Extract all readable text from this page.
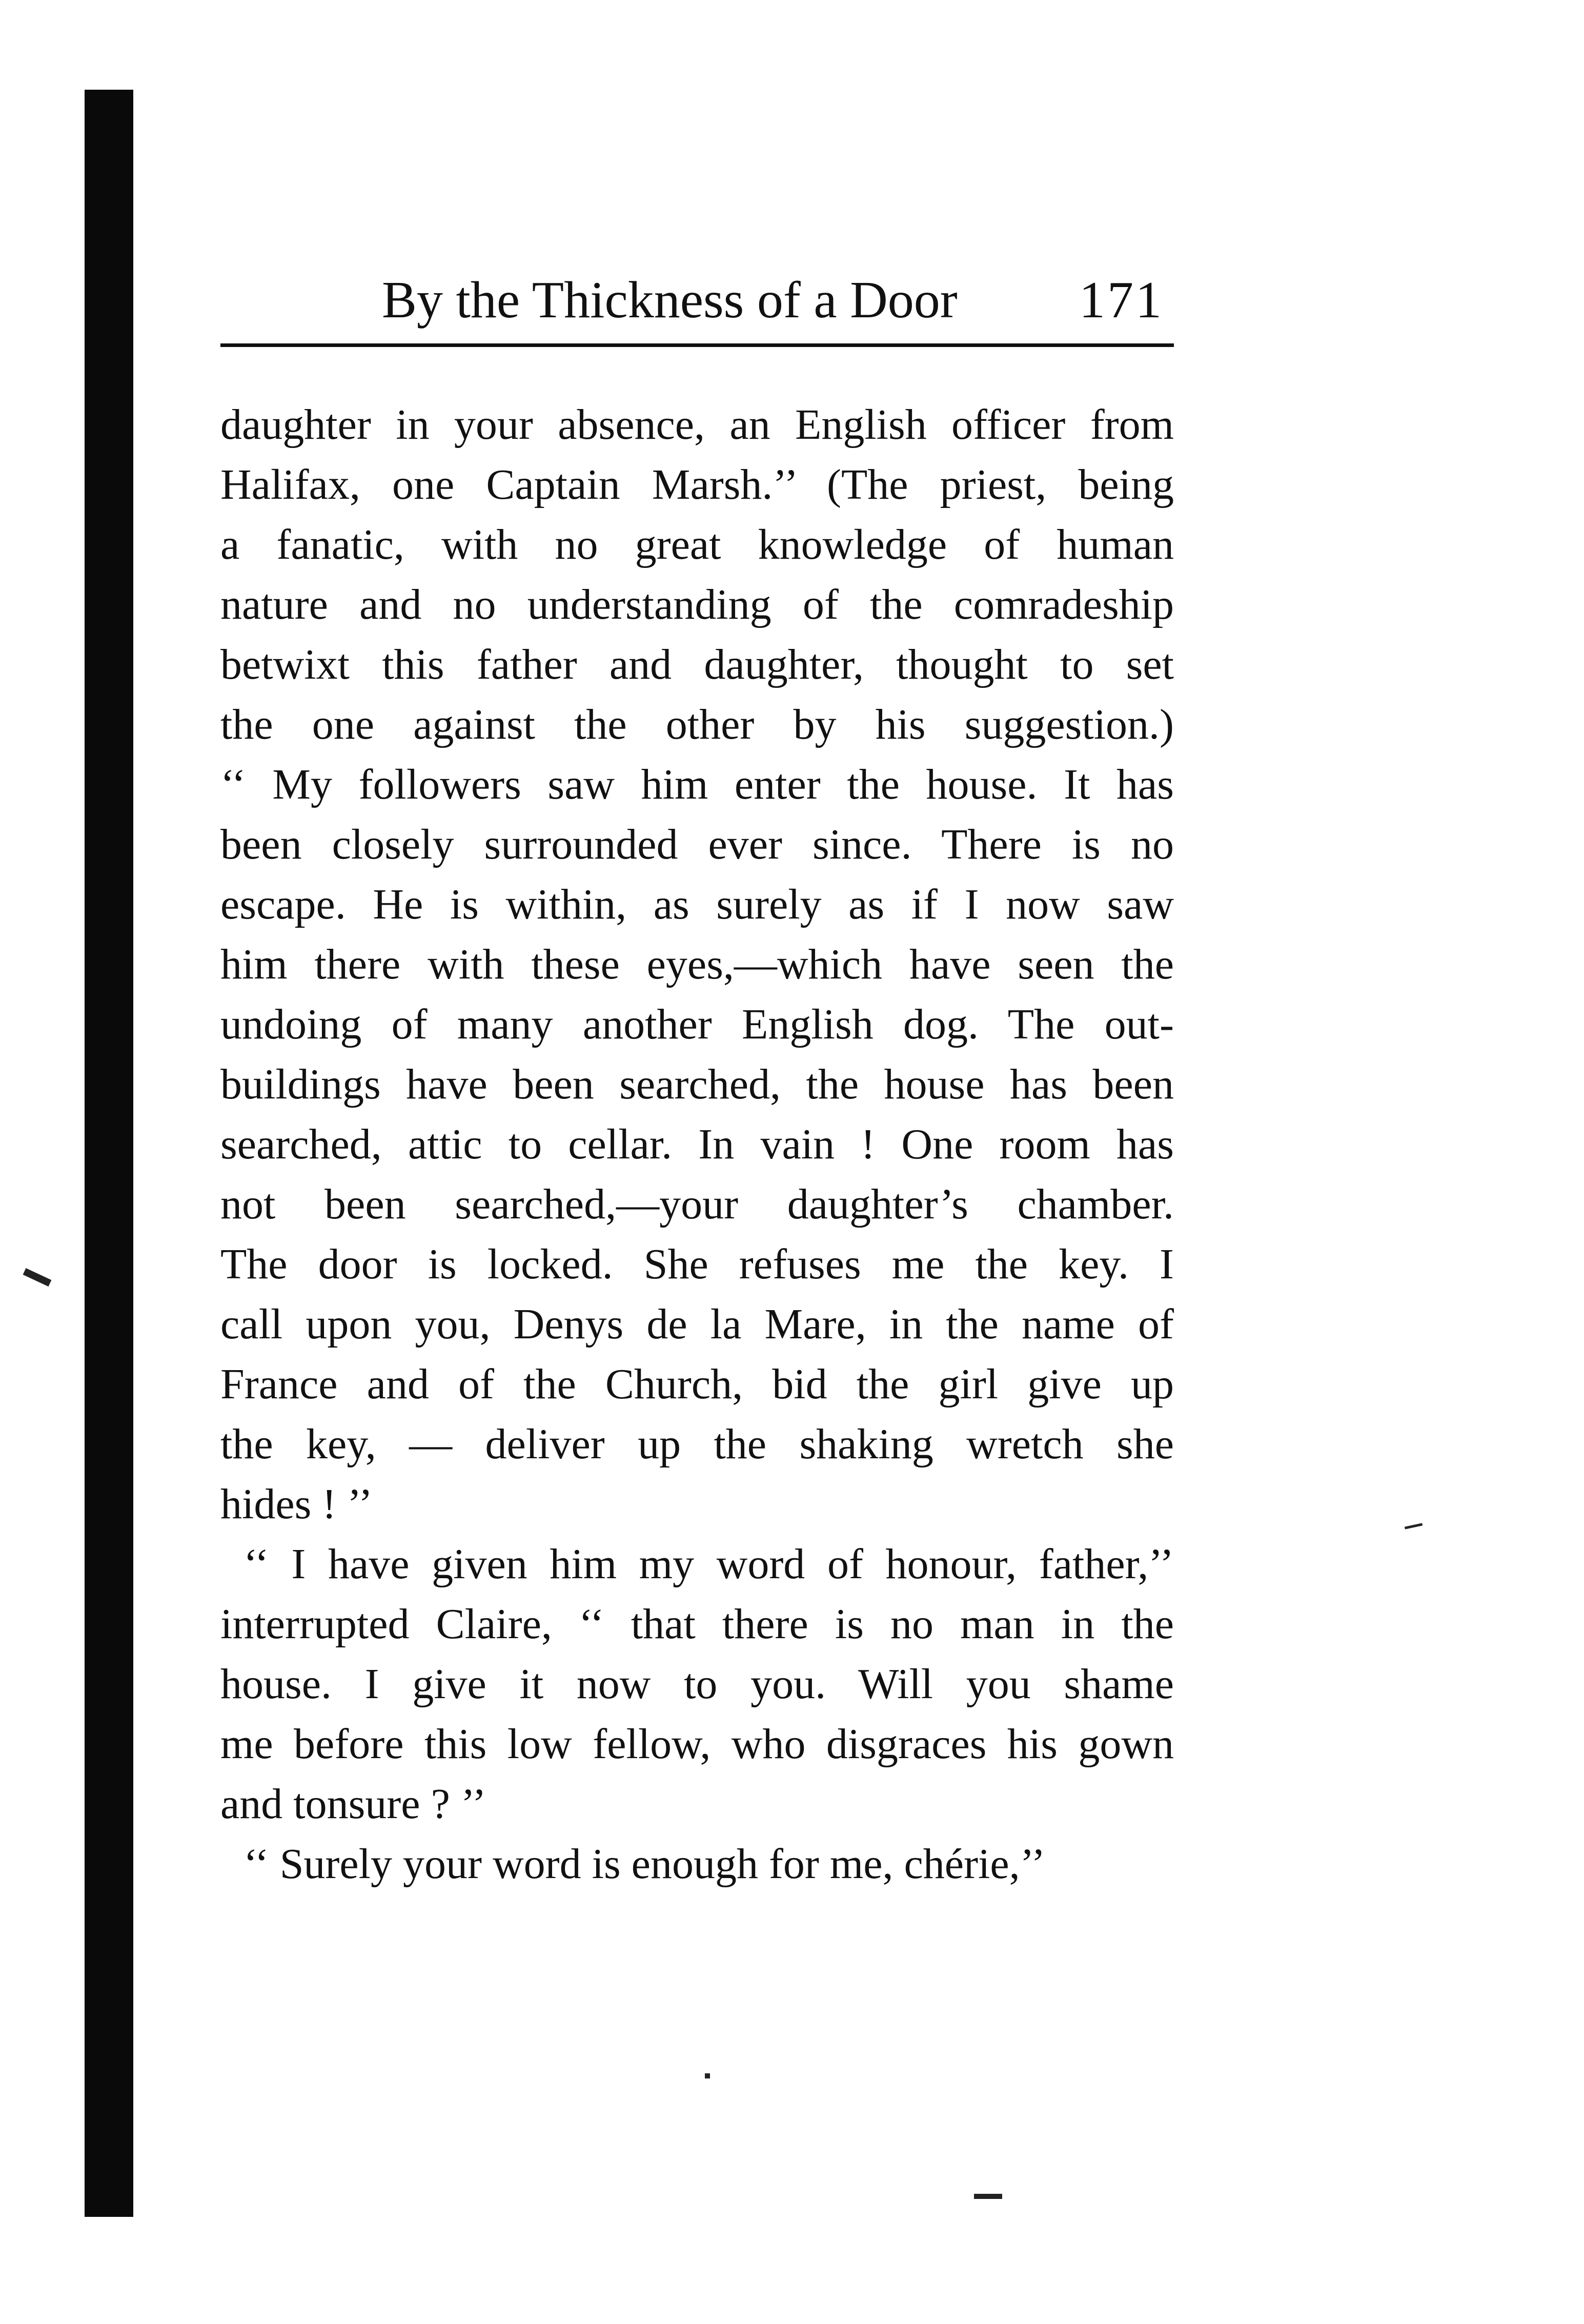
By the Thickness of a Door 171
daughter in your absence, an English officer from
Halifax, one Captain Marsh.’’ (The priest, being
a fanatic, with no great knowledge of human
nature and no understanding of the comradeship
betwixt this father and daughter, thought to set
the one against the other by his suggestion.)
‘‘ My followers saw him enter the house. It has
been closely surrounded ever since. There is no
escape. He is within, as surely as if I now saw
him there with these eyes,—which have seen the
undoing of many another English dog. The out-
buildings have been searched, the house has been
searched, attic to cellar. In vain ! One room has
not been searched,—your daughter’s chamber.
The door is locked. She refuses me the key. I
call upon you, Denys de la Mare, in the name of
France and of the Church, bid the girl give up
the key, — deliver up the shaking wretch she
hides ! ’’
‘‘ I have given him my word of honour, father,’’
interrupted Claire, ‘‘ that there is no man in the
house. I give it now to you. Will you shame
me before this low fellow, who disgraces his gown
and tonsure ? ’’
‘‘ Surely your word is enough for me, chérie,’’
